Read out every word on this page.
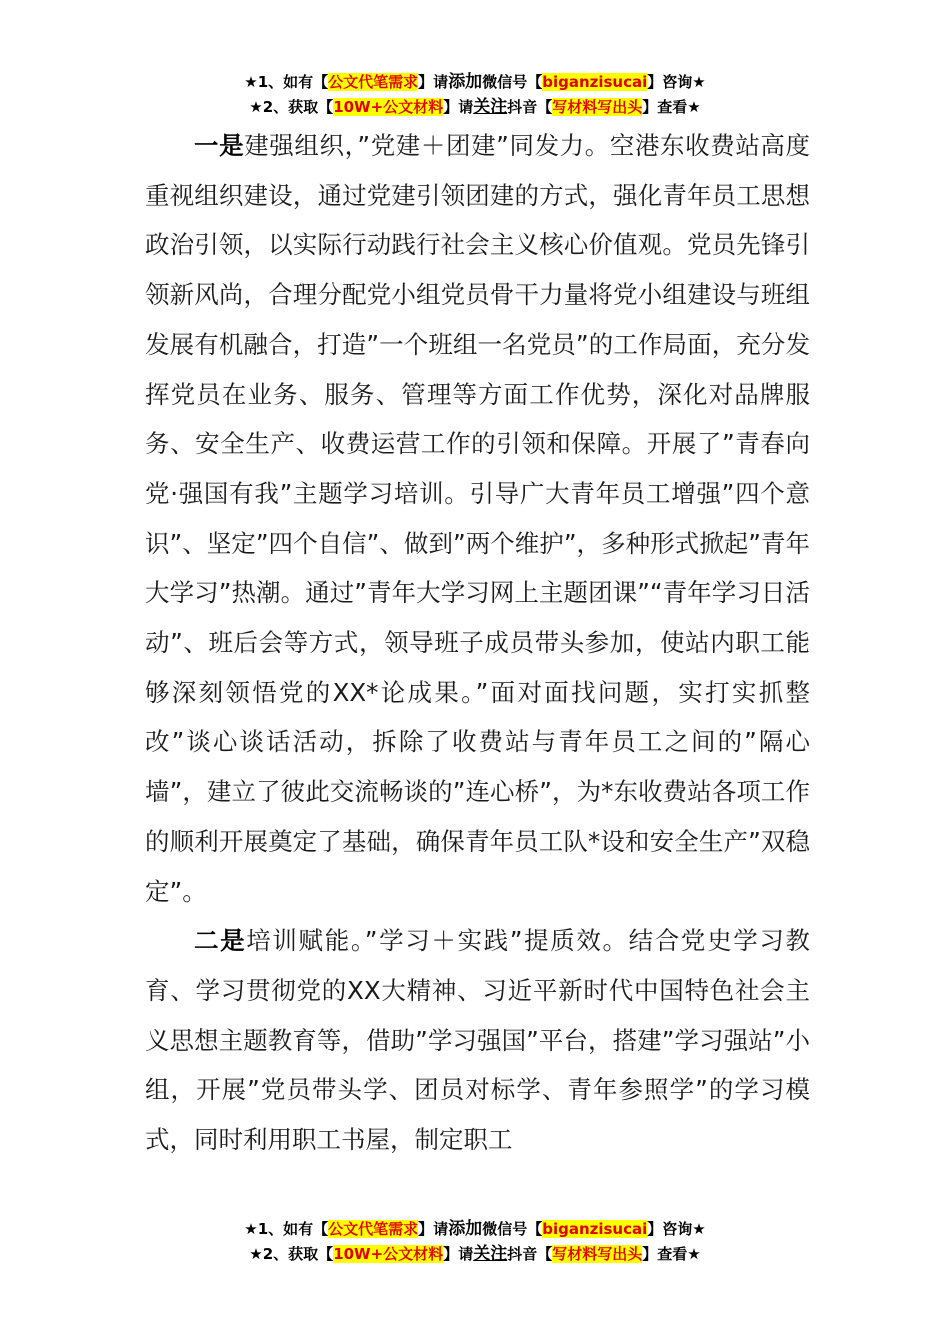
★1、如有【公文代笔需求】请添加微信号【biganzisucai】咨询★
★2、获取【10W+公文材料】请关注抖音【写材料写出头】查看★

一是建强组织，”党建＋团建”同发力。空港东收费站高度重视组织建设，通过党建引领团建的方式，强化青年员工思想政治引领，以实际行动践行社会主义核心价值观。党员先锋引领新风尚，合理分配党小组党员骨干力量将党小组建设与班组发展有机融合，打造”一个班组一名党员”的工作局面，充分发挥党员在业务、服务、管理等方面工作优势，深化对品牌服务、安全生产、收费运营工作的引领和保障。开展了”青春向党·强国有我”主题学习培训。引导广大青年员工增强”四个意识”、坚定”四个自信”、做到”两个维护”，多种形式掀起”青年大学习”热潮。通过”青年大学习网上主题团课”“青年学习日活动”、班后会等方式，领导班子成员带头参加，使站内职工能够深刻领悟党的XX*论成果。”面对面找问题，实打实抓整改”谈心谈话活动，拆除了收费站与青年员工之间的”隔心墙”，建立了彼此交流畅谈的”连心桥”，为*东收费站各项工作的顺利开展奠定了基础，确保青年员工队*设和安全生产”双稳定”。

二是培训赋能。”学习＋实践”提质效。结合党史学习教育、学习贯彻党的XX大精神、习近平新时代中国特色社会主义思想主题教育等，借助”学习强国”平台，搭建”学习强站”小组，开展”党员带头学、团员对标学、青年参照学”的学习模式，同时利用职工书屋，制定职工

★1、如有【公文代笔需求】请添加微信号【biganzisucai】咨询★
★2、获取【10W+公文材料】请关注抖音【写材料写出头】查看★
